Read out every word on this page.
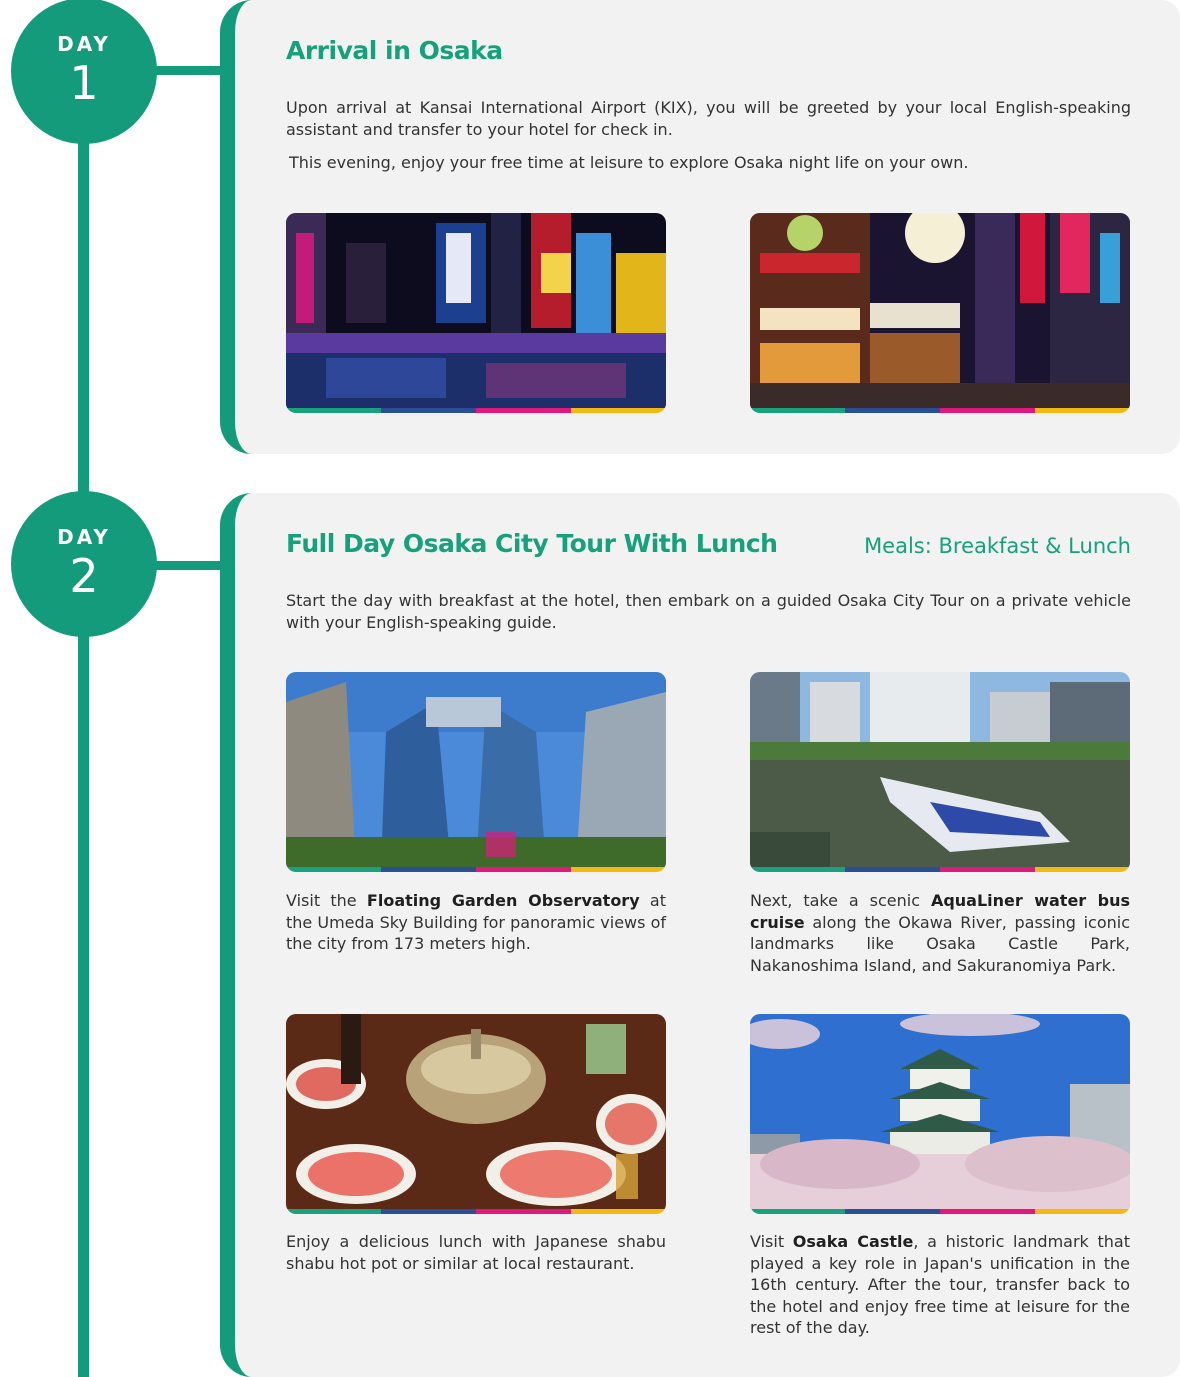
DAY
1
DAY
2
Arrival in Osaka

Upon arrival at Kansai International Airport (KIX), you will be greeted by your local English-speaking assistant and transfer to your hotel for check in.

This evening, enjoy your free time at leisure to explore Osaka night life on your own.

Full Day Osaka City Tour With Lunch	Meals: Breakfast & Lunch

Start the day with breakfast at the hotel, then embark on a guided Osaka City Tour on a private vehicle with your English-speaking guide.

Visit the Floating Garden Observatory at the Umeda Sky Building for panoramic views of the city from 173 meters high.

Next, take a scenic AquaLiner water bus cruise along the Okawa River, passing iconic landmarks like Osaka Castle Park, Nakanoshima Island, and Sakuranomiya Park.

Enjoy a delicious lunch with Japanese shabu shabu hot pot or similar at local restaurant.

Visit Osaka Castle, a historic landmark that played a key role in Japan's unification in the 16th century. After the tour, transfer back to the hotel and enjoy free time at leisure for the rest of the day.
